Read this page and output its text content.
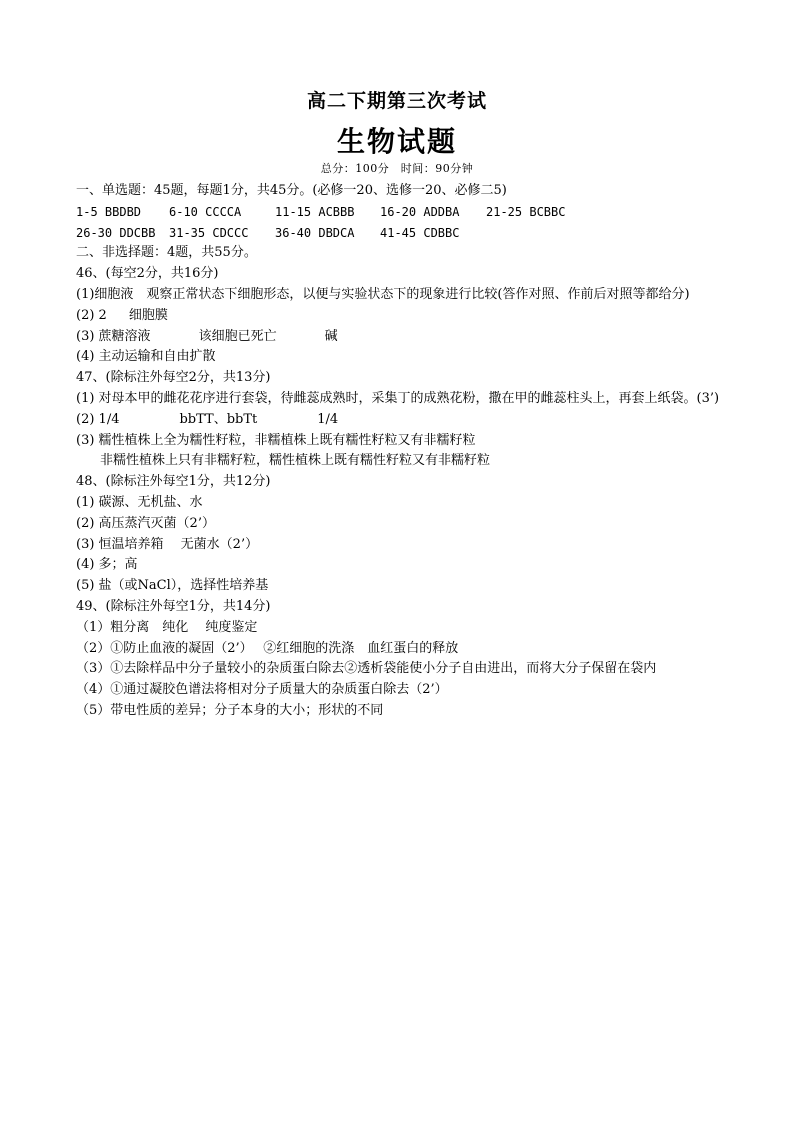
高二下期第三次考试
生物试题
总分：100分　时间：90分钟
一、单选题：45题，每题1分，共45分。(必修一20、选修一20、必修二5)
1-5 BBDBD 6-10 CCCCA	11-15 ACBBB 16-20 ADDBA 21-25 BCBBC
26-30 DDCBB 31-35 CDCCC 36-40 DBDCA 41-45 CDBBC
二、非选择题：4题，共55分。
46、(每空2分，共16分)
(1)细胞液　观察正常状态下细胞形态，以便与实验状态下的现象进行比较(答作对照、作前后对照等都给分)
(2) 2 细胞膜
(3) 蔗糖溶液	该细胞已死亡	碱
(4) 主动运输和自由扩散
47、(除标注外每空2分，共13分)
(1) 对母本甲的雌花花序进行套袋，待雌蕊成熟时，采集丁的成熟花粉，撒在甲的雌蕊柱头上，再套上纸袋。(3’)
(2) 1/4	bbTT、bbTt	1/4
(3) 糯性植株上全为糯性籽粒，非糯植株上既有糯性籽粒又有非糯籽粒
非糯性植株上只有非糯籽粒，糯性植株上既有糯性籽粒又有非糯籽粒
48、(除标注外每空1分，共12分)
(1) 碳源、无机盐、水
(2) 高压蒸汽灭菌（2’）
(3) 恒温培养箱　 无菌水（2’）
(4) 多；高
(5) 盐（或NaCl），选择性培养基
49、(除标注外每空1分，共14分)
（1）粗分离　纯化　 纯度鉴定
（2）①防止血液的凝固（2’）　 ②红细胞的洗涤　血红蛋白的释放
（3）①去除样品中分子量较小的杂质蛋白除去②透析袋能使小分子自由进出，而将大分子保留在袋内
（4）①通过凝胶色谱法将相对分子质量大的杂质蛋白除去（2’）
（5）带电性质的差异；分子本身的大小；形状的不同
